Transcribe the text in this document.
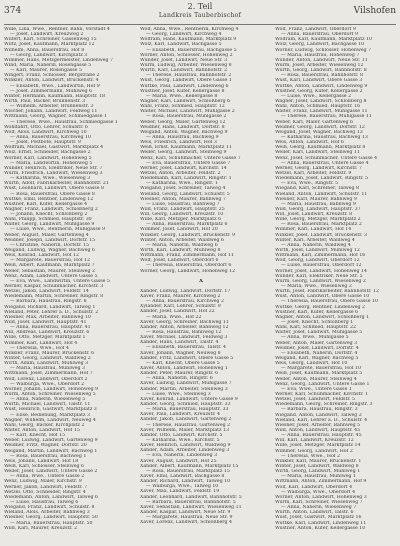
374	2. Teil
Landkreis Tauberbischof	Vilshofen
Wille, Lina, Wwe., Rentner, Bahn, Vorstadt 4
— Josef, Landwirt, Kreuzweg 2
Wilfert, Karl, Schreiner, Gassenweg 15
Wiltz, Josef, Kaufmann, Marktplatz 12
Wilhelm, Anna, Bauersfrau, Hof 8
— Georg, Landwirt, Kirchplatz 3
Wimmer, Hans, Metzgermeister, Lindenweg 7
Wind, Maria, Näherin, Rosengasse 5
— Karl, Maurer, Rosengasse 5
Wingert, Franz, Schlosser, Bergstraße 2
Winkler, Anton, Landwirt, Brückenstr. 4
— Elisabeth, Wwe., Landwirtin, Hof 9
— Josef, Zimmermann, Mühlweg 6
Winter, Hermann, Kaufmann, Hauptstr. 18
Wirth, Paul, Bäcker, Brunnenstr. 3
— Wilhelm, Arbeiter, Brunnenstr. 3
Wischer, Johann, Landwirt, Feldweg 11
Wittmann, Georg, Wagner, Schmiedgasse 1
— Therese, Wwe., Hausfrau, Schmiedgasse 1
Wohlfahrt, Otto, Lehrer, Schulstr. 6
Wolf, Alois, Landwirt, Kirchweg 10
— Anna, Bauersfrau, Kirchweg 10
— Josef, Postbote, Hauptstr. 9
Wolfram, Michael, Gastwirt, Marktplatz 4
Wolz, Ernst, Schneider, Bachgasse 2
Wörner, Karl, Landwirt, Höhenweg 5
— Maria, Landwirtin, Höhenweg 5
Wunder, Heinrich, Elektriker, Neue Str. 7
Wurm, Friedrich, Landwirt, Wiesenweg 3
— Katharina, Wwe., Wiesenweg 3
Würth, Adolf, Fabrikarbeiter, Bahnhofstr. 21
Wüst, Leonhard, Landwirt, Obere Gasse 8
— Rosa, Bauersfrau, Obere Gasse 8
Wuttke, Emil, Rentner, Lindenweg 12
Wüstner, Karl, Küfer, Kellergasse 4
Wagner, Franz, Landwirt, Schloßberg 2
— Johann, Knecht, Schloßberg 2
Wahl, Philipp, Schmied, Hauptstr. 30
Walter, Georg, Landwirt, Mühlgasse 9
— Luise, Wwe., Rentnerin, Mühlgasse 9
Weber, August, Maler, Gartenweg 4
Weidner, Joseph, Landwirt, Dorfstr. 15
— Christine, Näherin, Dorfstr. 15
Weigand, Ludwig, Wagner, Bachweg 6
Weis, Konrad, Landwirt, Hof 12
— Margarete, Bauersfrau, Hof 12
Weiß, Albert, Kaufmann, Marktplatz 7
Weller, Sebastian, Maurer, Steinweg 2
Wenz, Adam, Landwirt, Untere Gasse 5
— Eva, Wwe., Landwirtin, Untere Gasse 5
Werner, Kaspar, Schuhmacher, Kirchstr. 3
Wetzel, Jakob, Landwirt, Feldstr. 14
Wiedemann, Martin, Schreiner, Ringstr. 8
— Barbara, Hausfrau, Ringstr. 8
Wiegand, Richard, Landwirt, Talweg 1
Wieland, Peter, Lehrer a. D., Schulstr. 2
Wiesner, Max, Arbeiter, Bahnweg 10
Wild, Josef, Landwirt, Hauptstr. 41
— Anna, Bauersfrau, Hauptstr. 41
Will, Andreas, Landwirt, Kreuzstr. 6
Wille, Otto, Metzger, Marktplatz 1
Wimmer, Karl, Landwirt, Hof 4
— Theresia, Wwe., Hof 4
Winkler, Franz, Maurer, Brückenstr. 6
Winter, Georg, Landwirt, Waldweg 2
Wirth, Adam, Landwirt, Mühlweg 3
— Maria, Hausfrau, Mühlweg 3
Wittmann, Josef, Zimmermann, Hof 7
Wolf, Lorenz, Landwirt, Oberdorf 2
— Walburga, Wwe., Oberdorf 2
Wörner, Johann, Landwirt, Höhenweg 9
Wurm, Anton, Schreiner, Wiesenweg 5
— Anna, Näherin, Wiesenweg 5
Würth, Michael, Landwirt, Talstr. 11
Wüst, Heinrich, Gastwirt, Marktplatz 3
— Elise, Bedienung, Marktplatz 3
Wagner, Wilhelm, Landwirt, Neuweg 4
Wahl, Georg, Bäcker, Kirchplatz 2
Walter, Anton, Landwirt, Hof 15
— Karl, Knecht, Hof 15
Weber, Ludwig, Landwirt, Gartenweg 9
Weidner, Fritz, Wagner, Dorfstr. 20
Weigand, Martin, Landwirt, Bachweg 1
— Rosa, Bauersfrau, Bachweg 1
Weis, Johann, Landwirt, Hof 18
Weiß, Karl, Schlosser, Steinweg 6
Weller, Josef, Landwirt, Untere Gasse 2
— Anna, Wwe., Untere Gasse 2
Wenz, Ludwig, Maler, Kirchstr. 9
Werner, Jakob, Landwirt, Feldstr. 7
Wetzel, Otto, Schneider, Ringstr. 4
Wiedemann, Anton, Landwirt, Talweg 6
— Luise, Hausfrau, Talweg 6
Wiegand, Franz, Landwirt, Schulstr. 8
Wieland, Alois, Arbeiter, Bahnweg 3
Wiesner, Georg, Landwirt, Hauptstr. 50
— Maria, Bauersfrau, Hauptstr. 50
Wild, Karl, Maurer, Kreuzstr. 2
Wolf, Anna, Wwe., Rentnerin, Kirchweg 4
— Georg, Landwirt, Kirchweg 4
Wolfram, Hans, Kaufmann, Marktplatz 9
Wolz, Karl, Landwirt, Bachgasse 5
— Elisabeth, Bauersfrau, Bachgasse 5
Wörner, Anton, Schlosser, Höhenweg 2
Wunder, Josef, Landwirt, Neue Str. 3
Wurm, Ludwig, Arbeiter, Wiesenweg 8
Würth, Karl, Landwirt, Bahnhofstr. 2
— Therese, Hausfrau, Bahnhofstr. 2
Wüst, Georg, Landwirt, Obere Gasse 1
Wuttke, Paul, Landwirt, Lindenweg 6
Wüstner, Josef, Küfer, Kellergasse 8
— Maria, Wwe., Kellergasse 8
Wagner, Karl, Landwirt, Schloßberg 6
Wahl, Franz, Schmied, Hauptstr. 12
Walter, Michael, Landwirt, Mühlgasse 2
— Rosa, Bauersfrau, Mühlgasse 2
Weber, Georg, Maler, Gartenweg 12
Weidner, Hans, Landwirt, Dorfstr. 8
Weigand, Anton, Wagner, Bachweg 9
— Anna, Hausfrau, Bachweg 9
Weis, Friedrich, Landwirt, Hof 3
Weiß, Ernst, Kaufmann, Marktplatz 11
Weller, Georg, Landwirt, Steinweg 9
Wenz, Karl, Schuhmacher, Untere Gasse 7
— Eva, Bauersfrau, Untere Gasse 7
Werner, Josef, Landwirt, Kirchstr. 14
Wetzel, Anton, Arbeiter, Feldstr. 2
Wiedemann, Karl, Landwirt, Ringstr. 1
— Katharina, Wwe., Ringstr. 1
Wiegand, Josef, Schreiner, Talweg 4
Wieland, Georg, Landwirt, Schulstr. 5
Wiesner, Anton, Maurer, Bahnweg 7
— Luise, Hausfrau, Bahnweg 7
Wild, Franz, Landwirt, Hauptstr. 25
Will, Georg, Landwirt, Kreuzstr. 10
Wille, Karl, Metzger, Marktplatz 6
— Anna, Bauersfrau, Marktplatz 6
Wimmer, Josef, Landwirt, Hof 20
Winkler, Georg, Landwirt, Brückenstr. 9
Winter, Anton, Arbeiter, Waldweg 6
— Maria, Näherin, Waldweg 6
Wirth, Karl, Landwirt, Mühlweg 8
Wittmann, Franz, Zimmermann, Hof 11
Wolf, Josef, Landwirt, Oberdorf 6
— Theresia, Bauersfrau, Oberdorf 6
Wörner, Georg, Landwirt, Höhenweg 12
X
Xander, Ludwig, Landwirt, Dorfstr. 17
Xaver, Franz, Maurer, Kirchweg 2
— Anna, Bauersfrau, Kirchweg 2
Xylander, Karl, Lehrer, Schulstr. 9
Xander, Josef, Landwirt, Hof 22
— Maria, Wwe., Hof 22
Xaver, Georg, Schreiner, Bachweg 11
Xander, Anton, Arbeiter, Bahnweg 12
— Rosa, Hausfrau, Bahnweg 12
Xaver, Michael, Landwirt, Feldweg 3
Xander, Hans, Landwirt, Talstr. 4
— Elisabeth, Bauersfrau, Talstr. 4
Xaver, Johann, Wagner, Neuweg 8
Xander, Fritz, Landwirt, Obere Gasse 5
— Karl, Knecht, Obere Gasse 5
Xaver, Anton, Landwirt, Höhenweg 1
Xander, Peter, Maurer, Ringstr. 6
— Anna, Näherin, Ringstr. 6
Xaver, Ludwig, Landwirt, Mühlgasse 7
Xander, Martin, Arbeiter, Steinweg 3
— Luise, Wwe., Steinweg 3
Xaver, Konrad, Landwirt, Untere Gasse 9
Xander, Georg, Schmied, Hauptstr. 33
— Maria, Bauersfrau, Hauptstr. 33
Xaver, Paul, Landwirt, Kreuzstr. 4
Xander, Jakob, Landwirt, Gartenweg 2
— Therese, Hausfrau, Gartenweg 2
Xaver, Wilhelm, Maler, Marktplatz 13
Xander, Otto, Landwirt, Kirchstr. 5
— Katharina, Wwe., Kirchstr. 5
Xaver, Heinrich, Landwirt, Waldweg 9
Xander, Adam, Arbeiter, Lindenweg 3
— Eva, Näherin, Lindenweg 3
Xaver, August, Landwirt, Hof 25
Xander, Albert, Kaufmann, Marktplatz 15
— Rosa, Bauersfrau, Marktplatz 15
Xaver, Emil, Landwirt, Bachgasse 8
Xander, Richard, Landwirt, Talweg 10
— Walburga, Wwe., Talweg 10
Xaver, Max, Landwirt, Feldstr. 19
Xander, Leonhard, Landwirt, Bahnhofstr. 5
— Barbara, Bauersfrau, Bahnhofstr. 5
Xaver, Sebastian, Landwirt, Wiesenweg 11
Xander, Kaspar, Landwirt, Neue Str. 9
— Margarete, Hausfrau, Neue Str. 9
Xaver, Lorenz, Landwirt, Schloßberg 4
Wolf, Franz, Landwirt, Oberdorf 9
— Anna, Bauersfrau, Oberdorf 9
Wolfram, Karl, Kaufmann, Marktplatz 10
Wolz, Georg, Landwirt, Bachgasse 10
Wörner, Ludwig, Schlosser, Höhenweg 7
— Maria, Hausfrau, Höhenweg 7
Wunder, Anton, Landwirt, Neue Str. 11
Wurm, Josef, Arbeiter, Wiesenweg 12
Würth, Georg, Landwirt, Bahnhofstr. 8
— Rosa, Bauersfrau, Bahnhofstr. 8
Wüst, Karl, Landwirt, Obere Gasse 3
Wuttke, Anton, Landwirt, Lindenweg 9
Wüstner, Georg, Küfer, Kellergasse 2
— Luise, Wwe., Kellergasse 2
Wagner, Josef, Landwirt, Schloßberg 8
Wahl, Anton, Schmied, Hauptstr. 16
Walter, Franz, Landwirt, Mühlgasse 11
— Therese, Bauersfrau, Mühlgasse 11
Weber, Karl, Maler, Gartenweg 6
Weidner, Georg, Landwirt, Dorfstr. 12
Weigand, Josef, Wagner, Bachweg 13
— Katharina, Hausfrau, Bachweg 13
Weis, Anton, Landwirt, Hof 6
Weiß, Georg, Kaufmann, Marktplatz 8
Weller, Karl, Landwirt, Steinweg 11
Wenz, Josef, Schuhmacher, Untere Gasse 4
— Anna, Bauersfrau, Untere Gasse 4
Werner, Georg, Landwirt, Kirchstr. 7
Wetzel, Karl, Arbeiter, Feldstr. 9
Wiedemann, Josef, Landwirt, Ringstr. 5
— Eva, Wwe., Ringstr. 5
Wiegand, Karl, Schreiner, Talweg 8
Wieland, Anton, Landwirt, Schulstr. 11
Wiesner, Karl, Maurer, Bahnweg 9
— Maria, Hausfrau, Bahnweg 9
Wild, Georg, Landwirt, Hauptstr. 37
Will, Josef, Landwirt, Kreuzstr. 8
Wille, Georg, Metzger, Marktplatz 2
— Rosa, Bauersfrau, Marktplatz 2
Wimmer, Karl, Landwirt, Hof 14
Winkler, Josef, Landwirt, Brückenstr. 3
Winter, Karl, Arbeiter, Waldweg 4
— Anna, Näherin, Waldweg 4
Wirth, Josef, Landwirt, Mühlweg 12
Wittmann, Karl, Zimmermann, Hof 16
Wolf, Georg, Landwirt, Oberdorf 12
— Luise, Bauersfrau, Oberdorf 12
Wörner, Josef, Landwirt, Höhenweg 14
Wunder, Karl, Elektriker, Neue Str. 5
Wurm, Georg, Landwirt, Wiesenweg 2
— Maria, Wwe., Wiesenweg 2
Würth, Josef, Fabrikarbeiter, Bahnhofstr. 12
Wüst, Anton, Landwirt, Obere Gasse 10
— Theresia, Bauersfrau, Obere Gasse 10
Wuttke, Georg, Rentner, Lindenweg 2
Wüstner, Karl, Küfer, Kellergasse 6
Wagner, Anton, Landwirt, Schloßberg 1
— Josef, Knecht, Schloßberg 1
Wahl, Karl, Schmied, Hauptstr. 22
Walter, Josef, Landwirt, Mühlgasse 5
— Anna, Wwe., Mühlgasse 5
Weber, Anton, Maler, Gartenweg 3
Weidner, Josef, Landwirt, Dorfstr. 4
— Elisabeth, Näherin, Dorfstr. 4
Weigand, Karl, Wagner, Bachweg 5
Weis, Georg, Landwirt, Hof 10
— Margarete, Bauersfrau, Hof 10
Weiß, Josef, Kaufmann, Marktplatz 5
Weller, Anton, Maurer, Steinweg 4
Wenz, Georg, Landwirt, Untere Gasse 1
— Eva, Wwe., Untere Gasse 1
Werner, Karl, Schuhmacher, Kirchstr. 1
Wetzel, Josef, Landwirt, Feldstr. 5
Wiedemann, Georg, Schreiner, Ringstr. 3
— Barbara, Hausfrau, Ringstr. 3
Wiegand, Anton, Landwirt, Talweg 2
Wieland, Karl, Lehrer a. D., Schulstr. 4
Wiesner, Josef, Arbeiter, Bahnweg 5
Wild, Anton, Landwirt, Hauptstr. 45
— Anna, Bauersfrau, Hauptstr. 45
Will, Karl, Landwirt, Kreuzstr. 12
Wille, Josef, Metzger, Marktplatz 14
Wimmer, Georg, Landwirt, Hof 2
— Theresia, Wwe., Hof 2
Winkler, Karl, Maurer, Brückenstr. 1
Winter, Josef, Landwirt, Waldweg 8
Wirth, Georg, Landwirt, Mühlweg 1
— Maria, Hausfrau, Mühlweg 1
Wittmann, Anton, Zimmermann, Hof 9
Wolf, Karl, Landwirt, Oberdorf 4
— Walburga, Wwe., Oberdorf 4
Wörner, Anton, Landwirt, Höhenweg 3
Wurm, Karl, Schreiner, Wiesenweg 7
— Anna, Näherin, Wiesenweg 7
Würth, Anton, Landwirt, Talstr. 6
Wüst, Josef, Gastwirt, Marktplatz 16
Wuttke, Karl, Landwirt, Lindenweg 11
Wüstner, Anton, Küfer, Kellergasse 10
